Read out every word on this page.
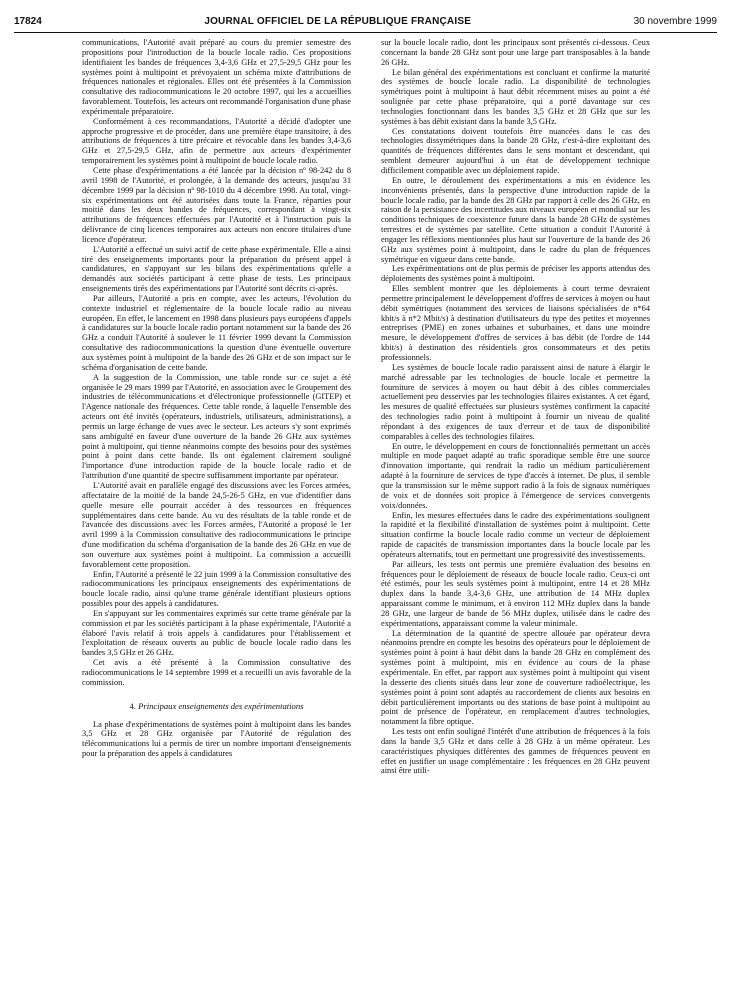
17824	JOURNAL OFFICIEL DE LA RÉPUBLIQUE FRANÇAISE	30 novembre 1999

communications, l'Autorité avait préparé au cours du premier semestre des propositions pour l'introduction de la boucle locale radio. Ces propositions identifiaient les bandes de fréquences 3,4-3,6 GHz et 27,5-29,5 GHz pour les systèmes point à multipoint et prévoyaient un schéma mixte d'attributions de fréquences nationales et régionales. Elles ont été présentées à la Commission consultative des radiocommunications le 20 octobre 1997, qui les a accueillies favorablement. Toutefois, les acteurs ont recommandé l'organisation d'une phase expérimentale préparatoire.

Conformément à ces recommandations, l'Autorité a décidé d'adopter une approche progressive et de procéder, dans une première étape transitoire, à des attributions de fréquences à titre précaire et révocable dans les bandes 3,4-3,6 GHz et 27,5-29,5 GHz, afin de permettre aux acteurs d'expérimenter temporairement les systèmes point à multipoint de boucle locale radio.

Cette phase d'expérimentations a été lancée par la décision nº 98-242 du 8 avril 1998 de l'Autorité, et prolongée, à la demande des acteurs, jusqu'au 31 décembre 1999 par la décision nº 98-1010 du 4 décembre 1998. Au total, vingt-six expérimentations ont été autorisées dans toute la France, réparties pour moitié dans les deux bandes de fréquences, correspondant à vingt-six attributions de fréquences effectuées par l'Autorité et à l'instruction puis la délivrance de cinq licences temporaires aux acteurs non encore titulaires d'une licence d'opérateur.

L'Autorité a effectué un suivi actif de cette phase expérimentale. Elle a ainsi tiré des enseignements importants pour la préparation du présent appel à candidatures, en s'appuyant sur les bilans des expérimentations qu'elle a demandés aux sociétés participant à cette phase de tests. Les principaux enseignements tirés des expérimentations par l'Autorité sont décrits ci-après.

Par ailleurs, l'Autorité a pris en compte, avec les acteurs, l'évolution du contexte industriel et réglementaire de la boucle locale radio au niveau européen. En effet, le lancement en 1998 dans plusieurs pays européens d'appels à candidatures sur la boucle locale radio portant notamment sur la bande des 26 GHz a conduit l'Autorité à soulever le 11 février 1999 devant la Commission consultative des radiocommunications la question d'une éventuelle ouverture aux systèmes point à multipoint de la bande des 26 GHz et de son impact sur le schéma d'organisation de cette bande.

A la suggestion de la Commission, une table ronde sur ce sujet a été organisée le 29 mars 1999 par l'Autorité, en association avec le Groupement des industries de télécommunications et d'électronique professionnelle (GITEP) et l'Agence nationale des fréquences. Cette table ronde, à laquelle l'ensemble des acteurs ont été invités (opérateurs, industriels, utilisateurs, administrations), a permis un large échange de vues avec le secteur. Les acteurs s'y sont exprimés sans ambiguïté en faveur d'une ouverture de la bande 26 GHz aux systèmes point à multipoint, qui tienne néanmoins compte des besoins pour des systèmes point à point dans cette bande. Ils ont également clairement souligné l'importance d'une introduction rapide de la boucle locale radio et de l'attribution d'une quantité de spectre suffisamment importante par opérateur.

L'Autorité avait en parallèle engagé des discussions avec les Forces armées, affectataire de la moitié de la bande 24,5-26-5 GHz, en vue d'identifier dans quelle mesure elle pourrait accéder à des ressources en fréquences supplémentaires dans cette bande. Au vu des résultats de la table ronde et de l'avancée des discussions avec les Forces armées, l'Autorité a proposé le 1er avril 1999 à la Commission consultative des radiocommunications le principe d'une modification du schéma d'organisation de la bande des 26 GHz en vue de son ouverture aux systèmes point à multipoint. La commission a accueilli favorablement cette proposition.

Enfin, l'Autorité a présenté le 22 juin 1999 à la Commission consultative des radiocommunications les principaux enseignements des expérimentations de boucle locale radio, ainsi qu'une trame générale identifiant plusieurs options possibles pour des appels à candidatures.

En s'appuyant sur les commentaires exprimés sur cette trame générale par la commission et par les sociétés participant à la phase expérimentale, l'Autorité a élaboré l'avis relatif à trois appels à candidatures pour l'établissement et l'exploitation de réseaux ouverts au public de boucle locale radio dans les bandes 3,5 GHz et 26 GHz.

Cet avis a été présenté à la Commission consultative des radiocommunications le 14 septembre 1999 et a recueilli un avis favorable de la commission.

4. Principaux enseignements des expérimentations

La phase d'expérimentations de systèmes point à multipoint dans les bandes 3,5 GHz et 28 GHz organisée par l'Autorité de régulation des télécommunications lui a permis de tirer un nombre important d'enseignements pour la préparation des appels à candidatures

sur la boucle locale radio, dont les principaux sont présentés ci-dessous. Ceux concernant la bande 28 GHz sont pour une large part transposables à la bande 26 GHz.

Le bilan général des expérimentations est concluant et confirme la maturité des systèmes de boucle locale radio. La disponibilité de technologies symétriques point à multipoint à haut débit récemment mises au point a été soulignée par cette phase préparatoire, qui a porté davantage sur ces technologies fonctionnant dans les bandes 3,5 GHz et 28 GHz que sur les systèmes à bas débit existant dans la bande 3,5 GHz.

Ces constatations doivent toutefois être nuancées dans le cas des technologies dissymétriques dans la bande 28 GHz, c'est-à-dire exploitant des quantités de fréquences différentes dans le sens montant et descendant, qui semblent demeurer aujourd'hui à un état de développement technique difficilement compatible avec un déploiement rapide.

En outre, le déroulement des expérimentations a mis en évidence les inconvénients présentés, dans la perspective d'une introduction rapide de la boucle locale radio, par la bande des 28 GHz par rapport à celle des 26 GHz, en raison de la persistance des incertitudes aux niveaux européen et mondial sur les conditions techniques de coexistence future dans la bande 28 GHz de systèmes terrestres et de systèmes par satellite. Cette situation a conduit l'Autorité à engager les réflexions mentionnées plus haut sur l'ouverture de la bande des 26 GHz aux systèmes point à multipoint, dans le cadre du plan de fréquences symétrique en vigueur dans cette bande.

Les expérimentations ont de plus permis de préciser les apports attendus des déploiements des systèmes point à multipoint.

Elles semblent montrer que les déploiements à court terme devraient permettre principalement le développement d'offres de services à moyen ou haut débit symétriques (notamment des services de liaisons spécialisées de n*64 kbit/s à n*2 Mbit/s) à destination d'utilisateurs du type des petites et moyennes entreprises (PME) en zones urbaines et suburbaines, et dans une moindre mesure, le développement d'offres de services à bas débit (de l'ordre de 144 kbit/s) à destination des résidentiels gros consommateurs et des petits professionnels.

Les systèmes de boucle locale radio paraissent ainsi de nature à élargir le marché adressable par les technologies de boucle locale et permettre la fourniture de services à moyen ou haut débit à des cibles commerciales actuellement peu desservies par les technologies filaires existantes. A cet égard, les mesures de qualité effectuées sur plusieurs systèmes confirment la capacité des technologies radio point à multipoint à fournir un niveau de qualité répondant à des exigences de taux d'erreur et de taux de disponibilité comparables à celles des technologies filaires.

En outre, le développement en cours de fonctionnalités permettant un accès multiple en mode paquet adapté au trafic sporadique semble être une source d'innovation importante, qui rendrait la radio un médium particulièrement adapté à la fourniture de services de type d'accès à internet. De plus, il semble que la transmission sur le même support radio à la fois de signaux numériques de voix et de données soit propice à l'émergence de services convergents voix/données.

Enfin, les mesures effectuées dans le cadre des expérimentations soulignent la rapidité et la flexibilité d'installation de systèmes point à multipoint. Cette situation confirme la boucle locale radio comme un vecteur de déploiement rapide de capacités de transmission importantes dans la boucle locale par les opérateurs alternatifs, tout en permettant une progressivité des investissements.

Par ailleurs, les tests ont permis une première évaluation des besoins en fréquences pour le déploiement de réseaux de boucle locale radio. Ceux-ci ont été estimés, pour les seuls systèmes point à multipoint, entre 14 et 28 MHz duplex dans la bande 3,4-3,6 GHz, une attribution de 14 MHz duplex apparaissant comme le minimum, et à environ 112 MHz duplex dans la bande 28 GHz, une largeur de bande de 56 MHz duplex, utilisée dans le cadre des expérimentations, apparaissant comme la valeur minimale.

La détermination de la quantité de spectre allouée par opérateur devra néanmoins prendre en compte les besoins des opérateurs pour le déploiement de systèmes point à point à haut débit dans la bande 28 GHz en complément des systèmes point à multipoint, mis en évidence au cours de la phase expérimentale. En effet, par rapport aux systèmes point à multipoint qui visent la desserte des clients situés dans leur zone de couverture radioélectrique, les systèmes point à point sont adaptés au raccordement de clients aux besoins en débit particulièrement importants ou des stations de base point à multipoint au point de présence de l'opérateur, en remplacement d'autres technologies, notamment la fibre optique.

Les tests ont enfin souligné l'intérêt d'une attribution de fréquences à la fois dans la bande 3,5 GHz et dans celle à 28 GHz à un même opérateur. Les caractéristiques physiques différentes des gammes de fréquences peuvent en effet en justifier un usage complémentaire : les fréquences en 28 GHz peuvent ainsi être utili-
